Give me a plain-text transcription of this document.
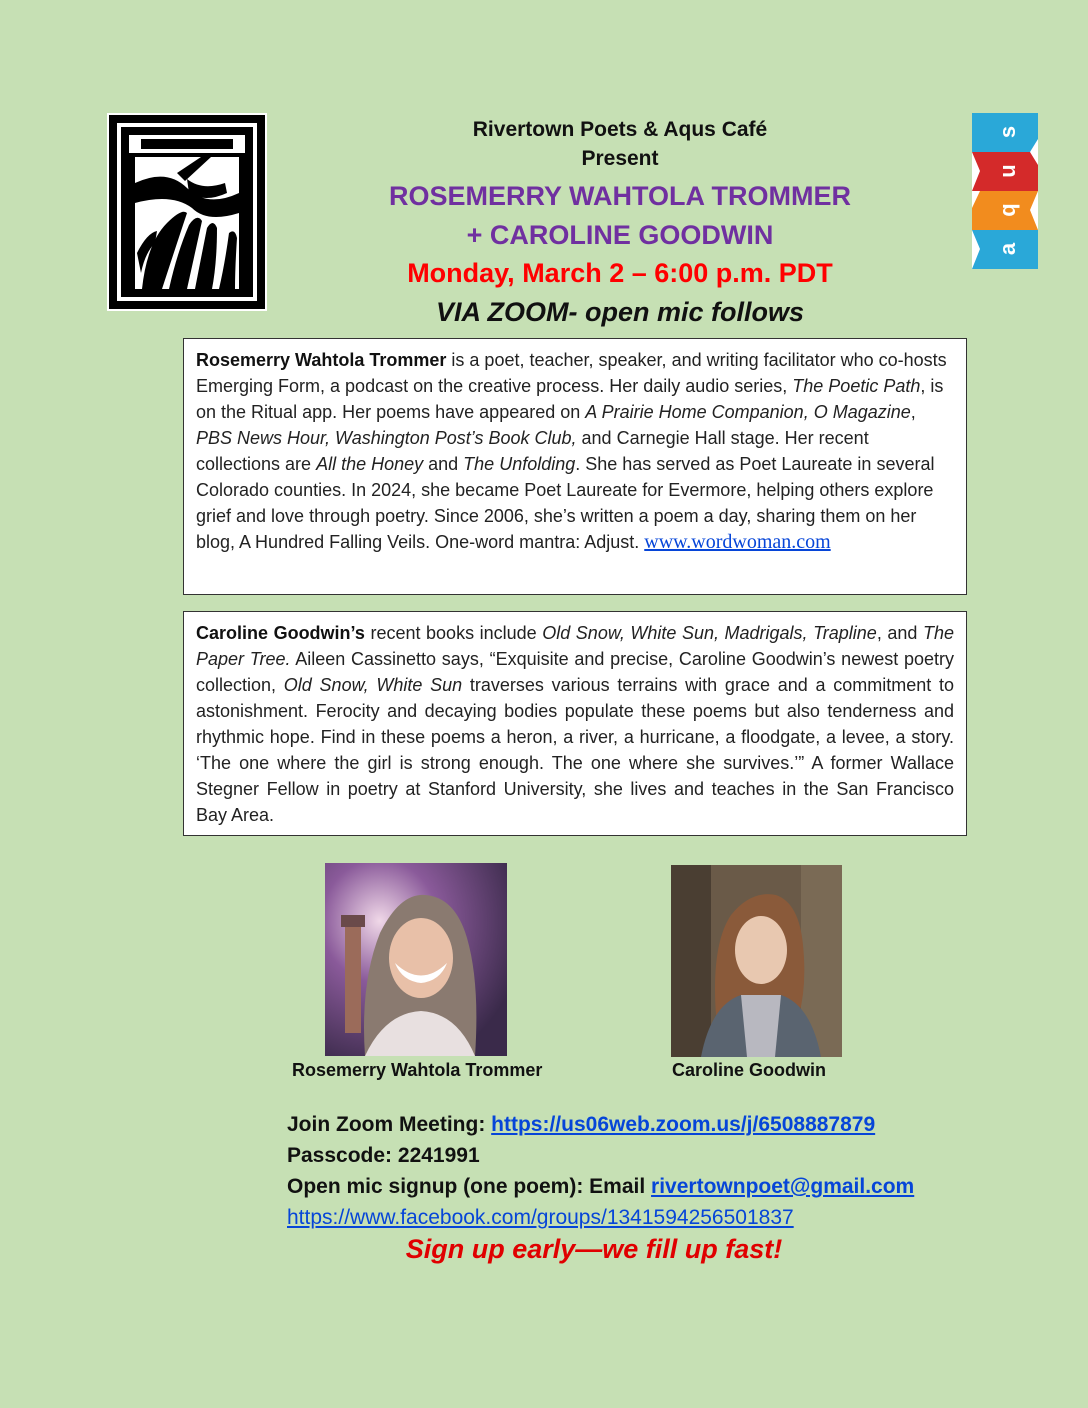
s
u
q
a
Rivertown Poets & Aqus Café
Present
ROSEMERRY WAHTOLA TROMMER
+ CAROLINE GOODWIN
Monday, March 2 – 6:00 p.m. PDT
VIA ZOOM- open mic follows

Rosemerry Wahtola Trommer is a poet, teacher, speaker, and writing facilitator who co-hosts Emerging Form, a podcast on the creative process. Her daily audio series, The Poetic Path, is on the Ritual app. Her poems have appeared on A Prairie Home Companion, O Magazine, PBS News Hour, Washington Post’s Book Club, and Carnegie Hall stage. Her recent collections are All the Honey and The Unfolding. She has served as Poet Laureate in several Colorado counties. In 2024, she became Poet Laureate for Evermore, helping others explore grief and love through poetry. Since 2006, she’s written a poem a day, sharing them on her blog, A Hundred Falling Veils. One-word mantra: Adjust. www.wordwoman.com

Caroline Goodwin’s recent books include Old Snow, White Sun, Madrigals, Trapline, and The Paper Tree. Aileen Cassinetto says, “Exquisite and precise, Caroline Goodwin’s newest poetry collection, Old Snow, White Sun traverses various terrains with grace and a commitment to astonishment. Ferocity and decaying bodies populate these poems but also tenderness and rhythmic hope. Find in these poems a heron, a river, a hurricane, a floodgate, a levee, a story. ‘The one where the girl is strong enough. The one where she survives.’” A former Wallace Stegner Fellow in poetry at Stanford University, she lives and teaches in the San Francisco Bay Area.

Rosemerry Wahtola Trommer	Caroline Goodwin
Join Zoom Meeting: https://us06web.zoom.us/j/6508887879
Passcode: 2241991
Open mic signup (one poem): Email rivertownpoet@gmail.com
https://www.facebook.com/groups/1341594256501837
Sign up early—we fill up fast!
